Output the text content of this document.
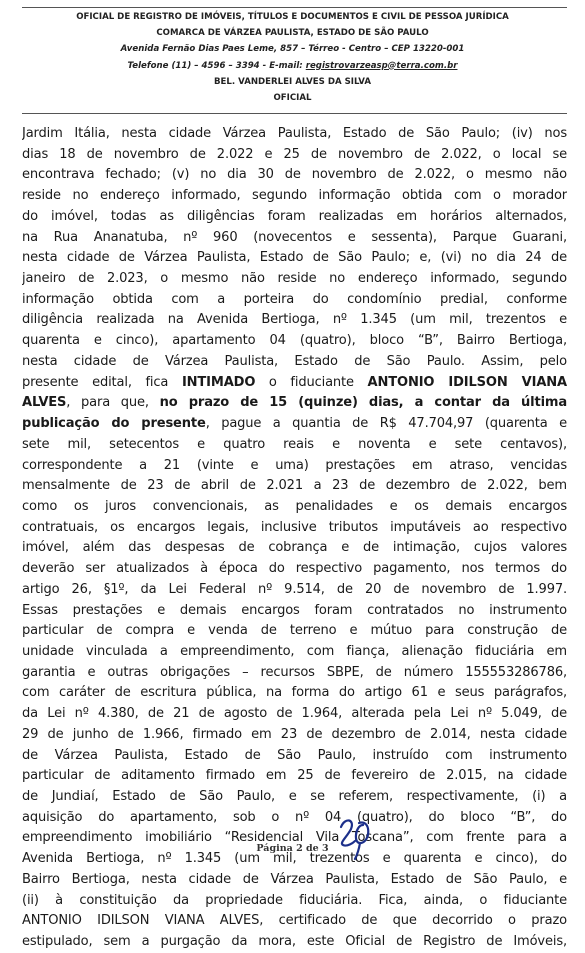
OFICIAL DE REGISTRO DE IMÓVEIS, TÍTULOS E DOCUMENTOS E CIVIL DE PESSOA JURÍDICA
COMARCA DE VÁRZEA PAULISTA, ESTADO DE SÃO PAULO
Avenida Fernão Dias Paes Leme, 857 – Térreo - Centro – CEP 13220-001
Telefone (11) – 4596 – 3394 - E-mail: registrovarzeasp@terra.com.br
BEL. VANDERLEI ALVES DA SILVA
OFICIAL
Jardim Itália, nesta cidade Várzea Paulista, Estado de São Paulo; (iv) nos
dias 18 de novembro de 2.022 e 25 de novembro de 2.022, o local se
encontrava fechado; (v) no dia 30 de novembro de 2.022, o mesmo não
reside no endereço informado, segundo informação obtida com o morador
do imóvel, todas as diligências foram realizadas em horários alternados,
na Rua Ananatuba, nº 960 (novecentos e sessenta), Parque Guarani,
nesta cidade de Várzea Paulista, Estado de São Paulo; e, (vi) no dia 24 de
janeiro de 2.023, o mesmo não reside no endereço informado, segundo
informação obtida com a porteira do condomínio predial, conforme
diligência realizada na Avenida Bertioga, nº 1.345 (um mil, trezentos e
quarenta e cinco), apartamento 04 (quatro), bloco “B”, Bairro Bertioga,
nesta cidade de Várzea Paulista, Estado de São Paulo. Assim, pelo
presente edital, fica INTIMADO o fiduciante ANTONIO IDILSON VIANA
ALVES, para que, no prazo de 15 (quinze) dias, a contar da última
publicação do presente, pague a quantia de R$ 47.704,97 (quarenta e
sete mil, setecentos e quatro reais e noventa e sete centavos),
correspondente a 21 (vinte e uma) prestações em atraso, vencidas
mensalmente de 23 de abril de 2.021 a 23 de dezembro de 2.022, bem
como os juros convencionais, as penalidades e os demais encargos
contratuais, os encargos legais, inclusive tributos imputáveis ao respectivo
imóvel, além das despesas de cobrança e de intimação, cujos valores
deverão ser atualizados à época do respectivo pagamento, nos termos do
artigo 26, §1º, da Lei Federal nº 9.514, de 20 de novembro de 1.997.
Essas prestações e demais encargos foram contratados no instrumento
particular de compra e venda de terreno e mútuo para construção de
unidade vinculada a empreendimento, com fiança, alienação fiduciária em
garantia e outras obrigações – recursos SBPE, de número 155553286786,
com caráter de escritura pública, na forma do artigo 61 e seus parágrafos,
da Lei nº 4.380, de 21 de agosto de 1.964, alterada pela Lei nº 5.049, de
29 de junho de 1.966, firmado em 23 de dezembro de 2.014, nesta cidade
de Várzea Paulista, Estado de São Paulo, instruído com instrumento
particular de aditamento firmado em 25 de fevereiro de 2.015, na cidade
de Jundiaí, Estado de São Paulo, e se referem, respectivamente, (i) a
aquisição do apartamento, sob o nº 04 (quatro), do bloco “B”, do
empreendimento imobiliário “Residencial Vila Toscana”, com frente para a
Avenida Bertioga, nº 1.345 (um mil, trezentos e quarenta e cinco), do
Bairro Bertioga, nesta cidade de Várzea Paulista, Estado de São Paulo, e
(ii) à constituição da propriedade fiduciária. Fica, ainda, o fiduciante
ANTONIO IDILSON VIANA ALVES, certificado de que decorrido o prazo
estipulado, sem a purgação da mora, este Oficial de Registro de Imóveis,
Página 2 de 3
